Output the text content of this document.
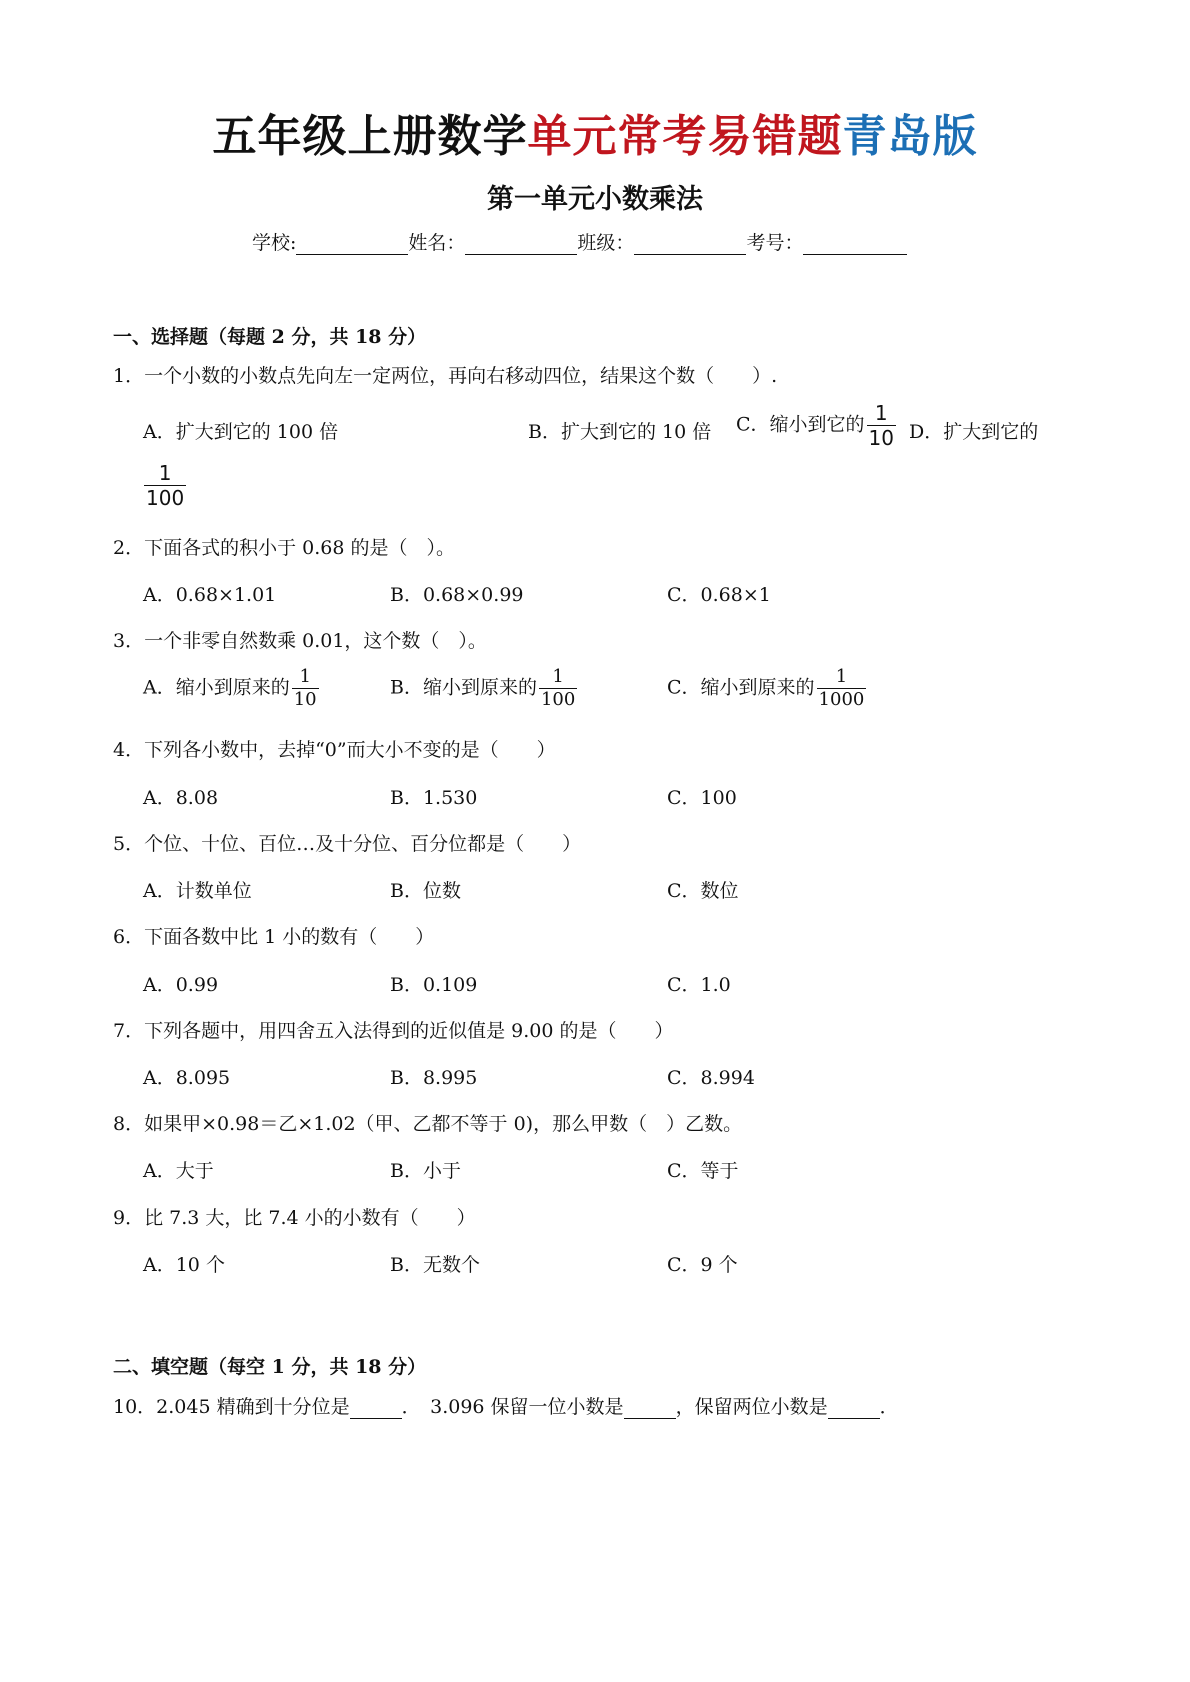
五年级上册数学单元常考易错题青岛版
第一单元小数乘法
学校:	姓名：	班级：	考号：
一、选择题（每题 2 分，共 18 分）
1．一个小数的小数点先向左一定两位，再向右移动四位，结果这个数（　　）.
A．扩大到它的 100 倍	B．扩大到它的 10 倍 C．缩小到它的 $\frac{1}{10}$ D．扩大到它的
$\frac{1}{100}$
2．下面各式的积小于 0.68 的是（　）。
A．0.68×1.01	B．0.68×0.99	C．0.68×1
3．一个非零自然数乘 0.01，这个数（　）。
A．缩小到原来的 $\frac{1}{10}$	B．缩小到原来的 $\frac{1}{100}$	C．缩小到原来的 $\frac{1}{1000}$
4．下列各小数中，去掉“0”而大小不变的是（　　）
A．8.08	B．1.530	C．100
5．个位、十位、百位…及十分位、百分位都是（　　）
A．计数单位	B．位数	C．数位
6．下面各数中比 1 小的数有（　　）
A．0.99	B．0.109	C．1.0
7．下列各题中，用四舍五入法得到的近似值是 9.00 的是（　　）
A．8.095	B．8.995	C．8.994
8．如果甲×0.98＝乙×1.02（甲、乙都不等于 0)，那么甲数（　）乙数。
A．大于	B．小于	C．等于
9．比 7.3 大，比 7.4 小的小数有（　　）
A．10 个	B．无数个	C．9 个
二、填空题（每空 1 分，共 18 分）
10．2.045 精确到十分位是	．　3.096 保留一位小数是	，保留两位小数是	．
